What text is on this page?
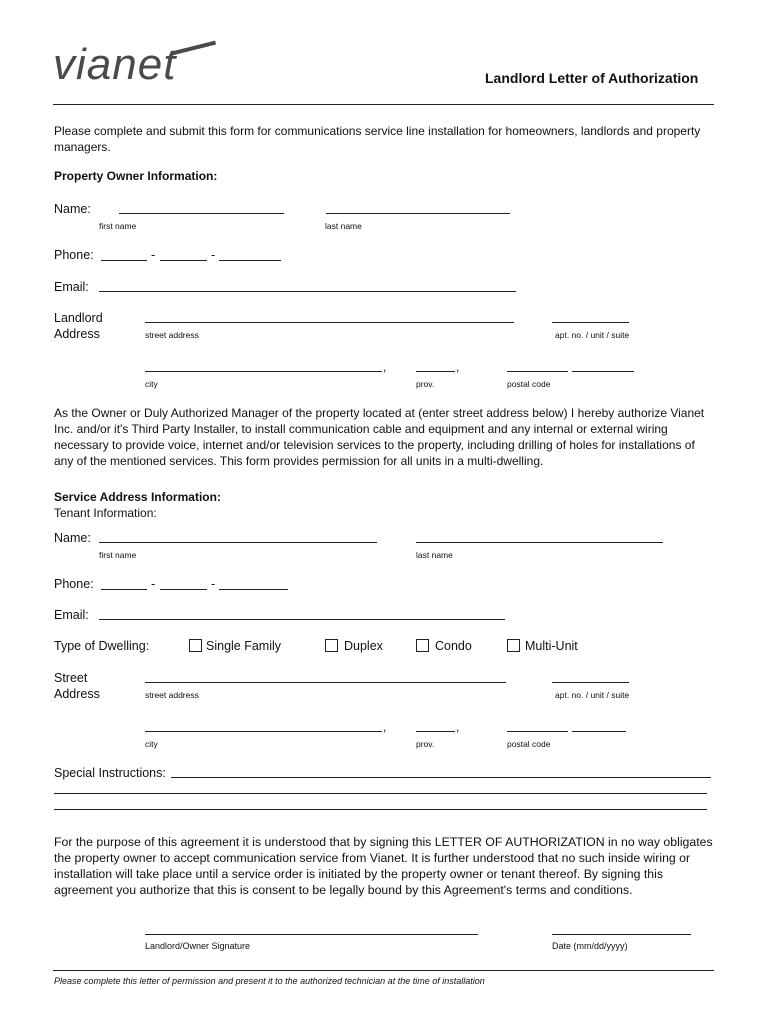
vianet	Landlord Letter of Authorization
Please complete and submit this form for communications service line installation for homeowners, landlords and property managers.
Property Owner Information:
Name:
first name	last name
Phone:	-	-
Email:
Landlord
Address	street address	apt. no. / unit / suite
,	,
city	prov.	postal code
As the Owner or Duly Authorized Manager of the property located at (enter street address below) I hereby authorize Vianet Inc. and/or it's Third Party Installer, to install communication cable and equipment and any internal or external wiring necessary to provide voice, internet and/or television services to the property, including drilling of holes for installations of any of the mentioned services. This form provides permission for all units in a multi-dwelling.
Service Address Information:
Tenant Information:
Name:
first name	last name
Phone:	-	-
Email:
Type of Dwelling:	Single Family	Duplex	Condo	Multi-Unit
Street
Address	street address	apt. no. / unit / suite
,	,
city	prov.	postal code
Special Instructions:
For the purpose of this agreement it is understood that by signing this LETTER OF AUTHORIZATION in no way obligates the property owner to accept communication service from Vianet. It is further understood that no such inside wiring or installation will take place until a service order is initiated by the property owner or tenant thereof. By signing this agreement you authorize that this is consent to be legally bound by this Agreement's terms and conditions.
Landlord/Owner Signature	Date (mm/dd/yyyy)
Please complete this letter of permission and present it to the authorized technician at the time of installation
